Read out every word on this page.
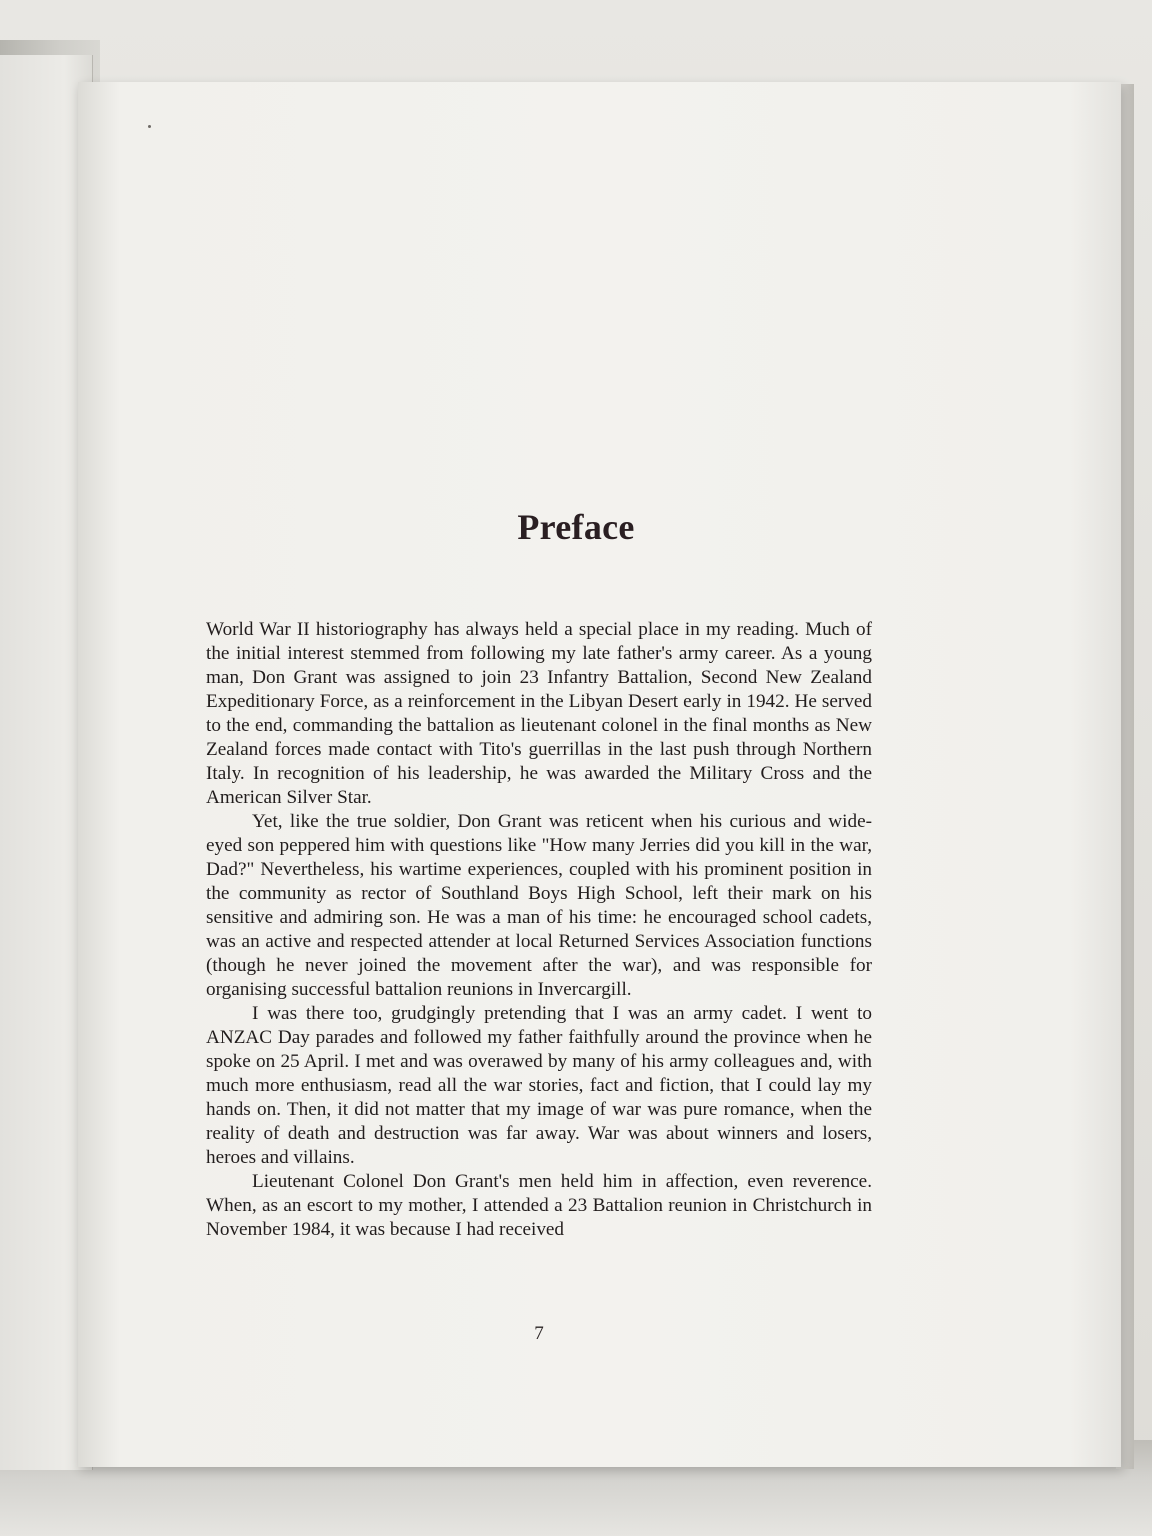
Preface

World War II historiography has always held a special place in my reading. Much of the initial interest stemmed from following my late father's army career. As a young man, Don Grant was assigned to join 23 Infantry Battalion, Second New Zealand Expeditionary Force, as a reinforcement in the Libyan Desert early in 1942. He served to the end, commanding the battalion as lieutenant colonel in the final months as New Zealand forces made contact with Tito's guerrillas in the last push through Northern Italy. In recognition of his leadership, he was awarded the Military Cross and the American Silver Star.

Yet, like the true soldier, Don Grant was reticent when his curious and wide-eyed son peppered him with questions like "How many Jerries did you kill in the war, Dad?" Nevertheless, his wartime experiences, coupled with his prominent position in the community as rector of Southland Boys High School, left their mark on his sensitive and admiring son. He was a man of his time: he encouraged school cadets, was an active and respected attender at local Returned Services Association functions (though he never joined the movement after the war), and was responsible for organising successful battalion reunions in Invercargill.

I was there too, grudgingly pretending that I was an army cadet. I went to ANZAC Day parades and followed my father faithfully around the province when he spoke on 25 April. I met and was overawed by many of his army colleagues and, with much more enthusiasm, read all the war stories, fact and fiction, that I could lay my hands on. Then, it did not matter that my image of war was pure romance, when the reality of death and destruction was far away. War was about winners and losers, heroes and villains.

Lieutenant Colonel Don Grant's men held him in affection, even reverence. When, as an escort to my mother, I attended a 23 Battalion reunion in Christchurch in November 1984, it was because I had received

7
